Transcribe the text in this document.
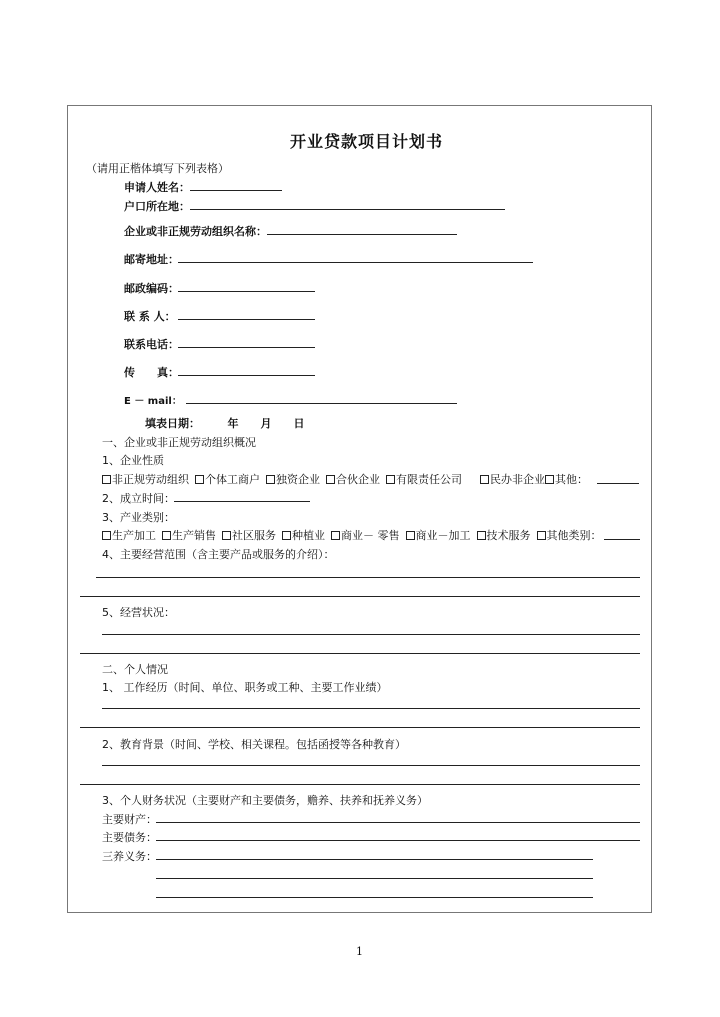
开业贷款项目计划书
（请用正楷体填写下列表格）
申请人姓名：
户口所在地：
企业或非正规劳动组织名称：
邮寄地址：
邮政编码：
联 系 人：
联系电话：
传　　真：
E － mail：
填表日期：　　　年　　月　　日
一、企业或非正规劳动组织概况
1、企业性质
非正规劳动组织 个体工商户 独资企业 合伙企业 有限责任公司	民办非企业 其他：
2、成立时间：
3、产业类别：
生产加工 生产销售 社区服务 种植业 商业－ 零售 商业－加工 技术服务 其他类别：
4、主要经营范围（含主要产品或服务的介绍）：
5、经营状况：
二、个人情况
1、 工作经历（时间、单位、职务或工种、主要工作业绩）
2、教育背景（时间、学校、相关课程。包括函授等各种教育）
3、个人财务状况（主要财产和主要债务，赡养、扶养和抚养义务）
主要财产：
主要债务：
三养义务：
1
